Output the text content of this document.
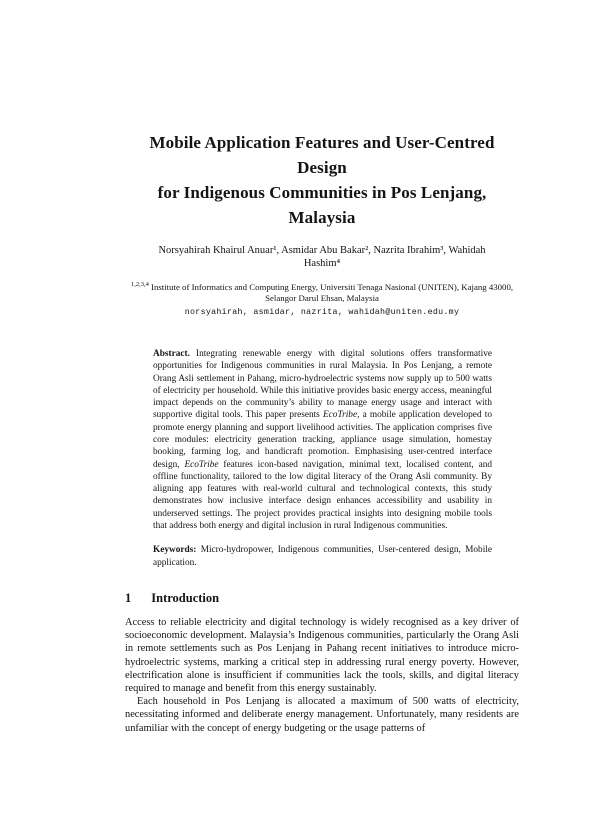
Mobile Application Features and User-Centred Design
for Indigenous Communities in Pos Lenjang, Malaysia
Norsyahirah Khairul Anuar¹, Asmidar Abu Bakar², Nazrita Ibrahim³, Wahidah Hashim⁴
$^{1,2,3,4}$ Institute of Informatics and Computing Energy, Universiti Tenaga Nasional (UNITEN), Kajang 43000, Selangor Darul Ehsan, Malaysia
norsyahirah, asmidar, nazrita, wahidah@uniten.edu.my

Abstract. Integrating renewable energy with digital solutions offers transformative opportunities for Indigenous communities in rural Malaysia. In Pos Lenjang, a remote Orang Asli settlement in Pahang, micro-hydroelectric systems now supply up to 500 watts of electricity per household. While this initiative provides basic energy access, meaningful impact depends on the community’s ability to manage energy usage and interact with supportive digital tools. This paper presents EcoTribe, a mobile application developed to promote energy planning and support livelihood activities. The application comprises five core modules: electricity generation tracking, appliance usage simulation, homestay booking, farming log, and handicraft promotion. Emphasising user-centred interface design, EcoTribe features icon-based navigation, minimal text, localised content, and offline functionality, tailored to the low digital literacy of the Orang Asli community. By aligning app features with real-world cultural and technological contexts, this study demonstrates how inclusive interface design enhances accessibility and usability in underserved settings. The project provides practical insights into designing mobile tools that address both energy and digital inclusion in rural Indigenous communities.

Keywords: Micro-hydropower, Indigenous communities, User-centered design, Mobile application.

1 Introduction

Access to reliable electricity and digital technology is widely recognised as a key driver of socioeconomic development. Malaysia’s Indigenous communities, particularly the Orang Asli in remote settlements such as Pos Lenjang in Pahang recent initiatives to introduce micro-hydroelectric systems, marking a critical step in addressing rural energy poverty. However, electrification alone is insufficient if communities lack the tools, skills, and digital literacy required to manage and benefit from this energy sustainably.

Each household in Pos Lenjang is allocated a maximum of 500 watts of electricity, necessitating informed and deliberate energy management. Unfortunately, many residents are unfamiliar with the concept of energy budgeting or the usage patterns of
